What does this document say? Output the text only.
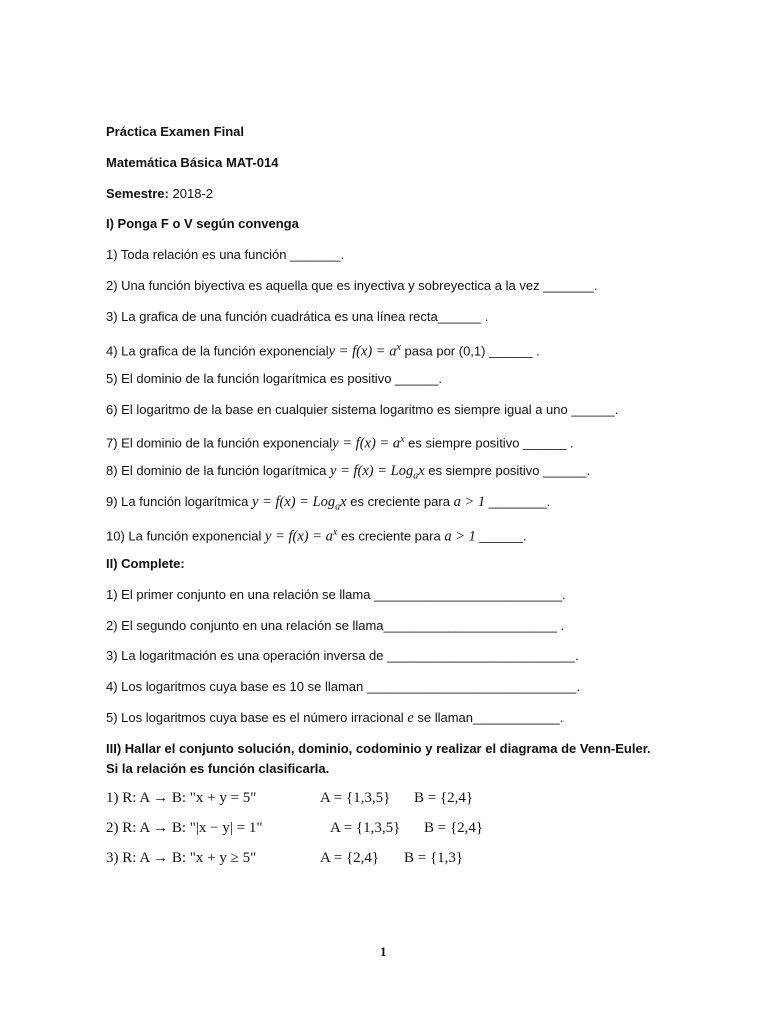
Práctica Examen Final
Matemática Básica MAT-014
Semestre: 2018-2
I) Ponga F o V según convenga
1) Toda relación es una función _______.
2) Una función biyectiva es aquella que es inyectiva y sobreyectica a la vez _______.
3) La grafica de una función cuadrática es una línea recta______ .
4) La grafica de la función exponencialy = $f(x) = a^x$ pasa por (0,1) ______ .
5) El dominio de la función logarítmica es positivo ______.
6) El logaritmo de la base en cualquier sistema logaritmo es siempre igual a uno ______.
7) El dominio de la función exponencialy = $f(x) = a^x$ es siempre positivo ______ .
8) El dominio de la función logarítmica y = f(x) = Log$_a$x es siempre positivo ______.
9) La función logarítmica y = f(x) = Log$_a$x es creciente para a > 1 ________.
10) La función exponencial $y = f(x) = a^x$ es creciente para a > 1 ______.
II) Complete:
1) El primer conjunto en una relación se llama __________________________.
2) El segundo conjunto en una relación se llama________________________ .
3) La logaritmación es una operación inversa de __________________________.
4) Los logaritmos cuya base es 10 se llaman _____________________________.
5) Los logaritmos cuya base es el número irracional e se llaman____________.
III) Hallar el conjunto solución, dominio, codominio y realizar el diagrama de Venn-Euler.
Si la relación es función clasificarla.
1) R: A → B: "x + y = 5"	A = {1,3,5} B = {2,4}
2) R: A → B: "|x − y| = 1"	A = {1,3,5} B = {2,4}
3) R: A → B: "x + y ≥ 5"	A = {2,4} B = {1,3}
1
